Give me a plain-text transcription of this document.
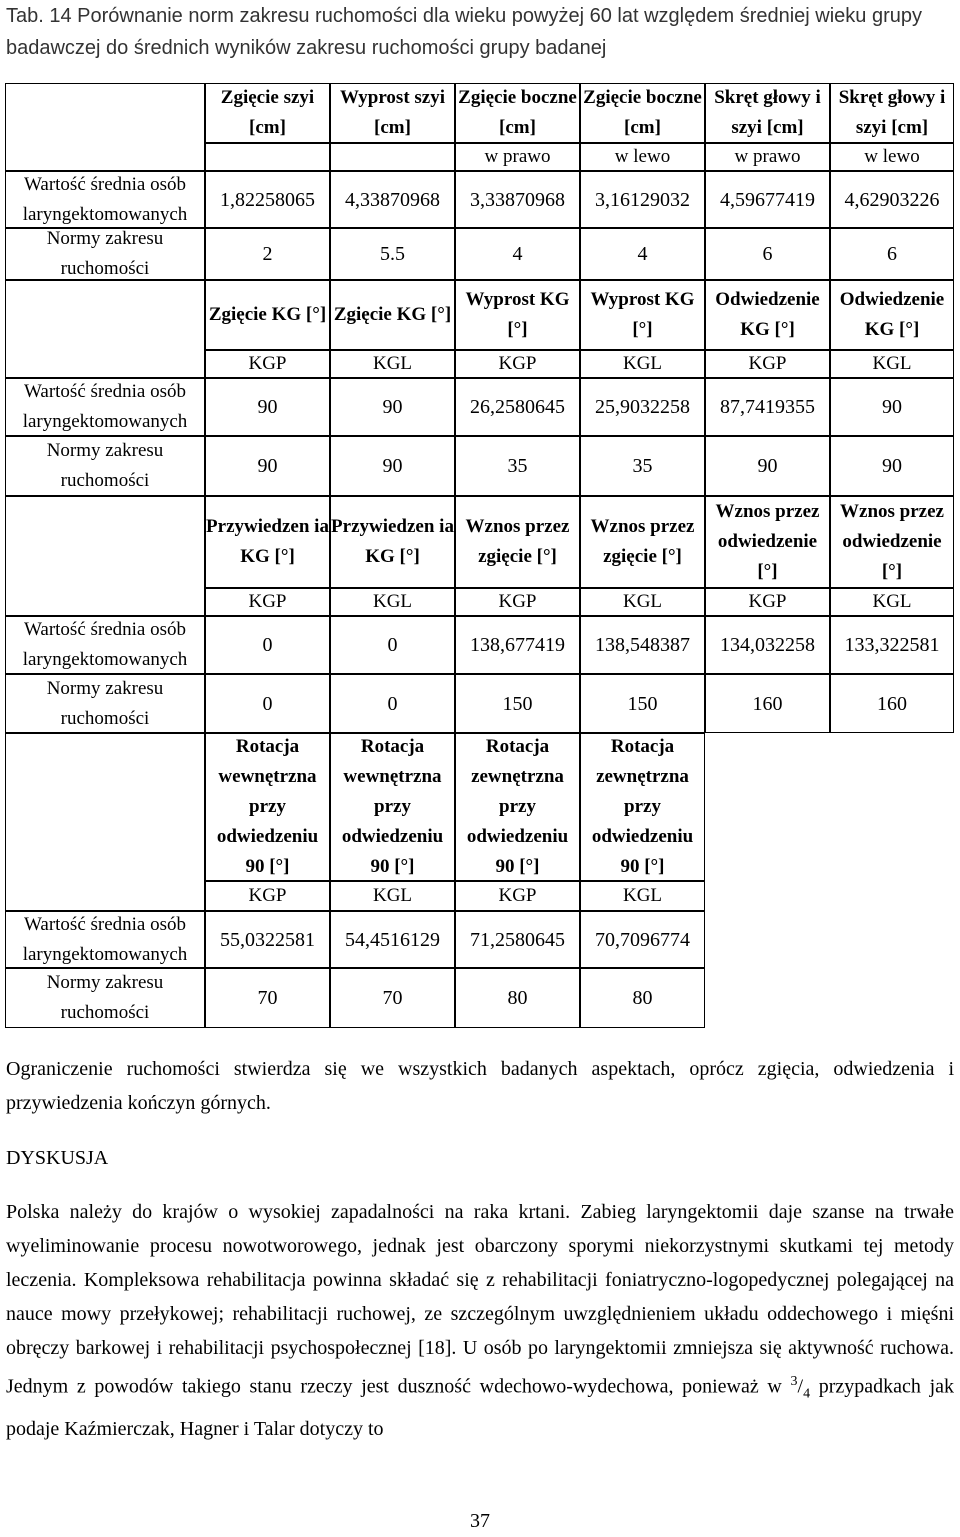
Tab. 14 Porównanie norm zakresu ruchomości dla wieku powyżej 60 lat względem średniej wieku grupy badawczej do średnich wyników zakresu ruchomości grupy badanej
Wartość średnia osób laryngektomowanych
Normy zakresu ruchomości
Zgięcie szyi [cm]
1,82258065
2
Wyprost szyi [cm]
4,33870968
5.5
Zgięcie boczne [cm]
w prawo
3,33870968
4
Zgięcie boczne [cm]
w lewo
3,16129032
4
Skręt głowy i szyi [cm]
w prawo
4,59677419
6
Skręt głowy i szyi [cm]
w lewo
4,62903226
6
Wartość średnia osób laryngektomowanych
Normy zakresu ruchomości
Zgięcie KG [°]
KGP
90
90
Zgięcie KG [°]
KGL
90
90
Wyprost KG [°]
KGP
26,2580645
35
Wyprost KG [°]
KGL
25,9032258
35
Odwiedzenie KG [°]
KGP
87,7419355
90
Odwiedzenie KG [°]
KGL
90
90
Wartość średnia osób laryngektomowanych
Normy zakresu ruchomości
Przywiedzen ia KG [°]
KGP
0
0
Przywiedzen ia KG [°]
KGL
0
0
Wznos przez zgięcie [°]
KGP
138,677419
150
Wznos przez zgięcie [°]
KGL
138,548387
150
Wznos przez odwiedzenie [°]
KGP
134,032258
160
Wznos przez odwiedzenie [°]
KGL
133,322581
160
Wartość średnia osób laryngektomowanych
Normy zakresu ruchomości
Rotacja wewnętrzna przy odwiedzeniu 90 [°]
KGP
55,0322581
70
Rotacja wewnętrzna przy odwiedzeniu 90 [°]
KGL
54,4516129
70
Rotacja zewnętrzna przy odwiedzeniu 90 [°]
KGP
71,2580645
80
Rotacja zewnętrzna przy odwiedzeniu 90 [°]
KGL
70,7096774
80
Ograniczenie ruchomości stwierdza się we wszystkich badanych aspektach, oprócz zgięcia, odwiedzenia i przywiedzenia kończyn górnych.
DYSKUSJA
Polska należy do krajów o wysokiej zapadalności na raka krtani. Zabieg laryngektomii daje szanse na trwałe wyeliminowanie procesu nowotworowego, jednak jest obarczony sporymi niekorzystnymi skutkami tej metody leczenia. Kompleksowa rehabilitacja powinna składać się z rehabilitacji foniatryczno-logopedycznej polegającej na nauce mowy przełykowej; rehabilitacji ruchowej, ze szczególnym uwzględnieniem układu oddechowego i mięśni obręczy barkowej i rehabilitacji psychospołecznej [18]. U osób po laryngektomii zmniejsza się aktywność ruchowa. Jednym z powodów takiego stanu rzeczy jest duszność wdechowo-wydechowa, ponieważ w $^3/_4$ przypadkach jak podaje Kaźmierczak, Hagner i Talar dotyczy to
37
